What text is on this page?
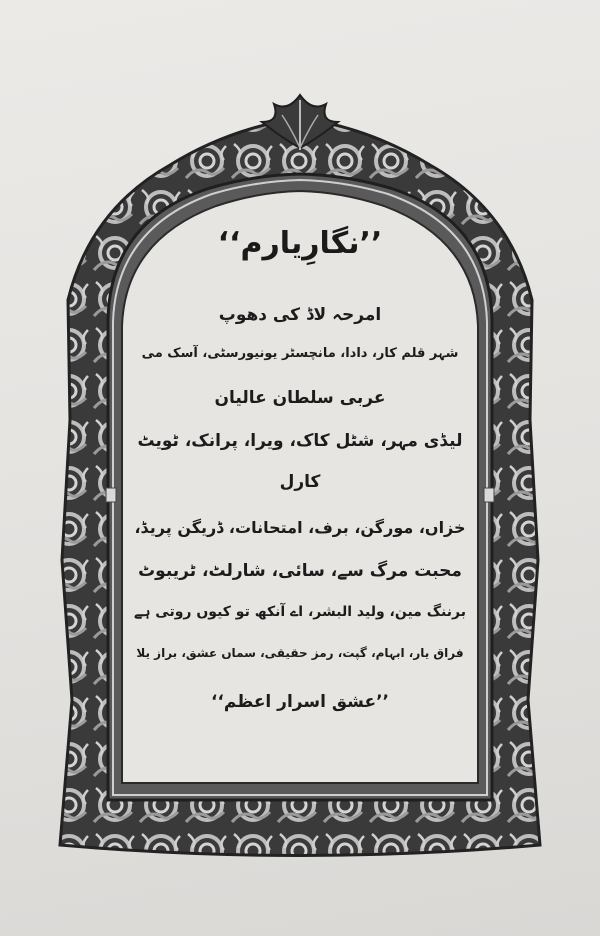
’’نگارِیارم‘‘
امرحہ لاڈ کی دھوپ
شہر قلم کار، دادا، مانچسٹر یونیورسٹی، آسک می
عربی سلطان عالیان
لیڈی مہر، شٹل کاک، ویرا، پرانک، ٹویٹ
کارل
خزاں، مورگن، برف، امتحانات، ڈریگن پریڈ،
محبت مرگ سے، سائی، شارلٹ، ٹریبوٹ
برننگ مین، ولید البشر، اے آنکھ تو کیوں روتی ہے
فراق یار، ابہام، گپت، رمز حقیقی، سماں عشق، براز یلا
’’عشق اسرار اعظم‘‘
